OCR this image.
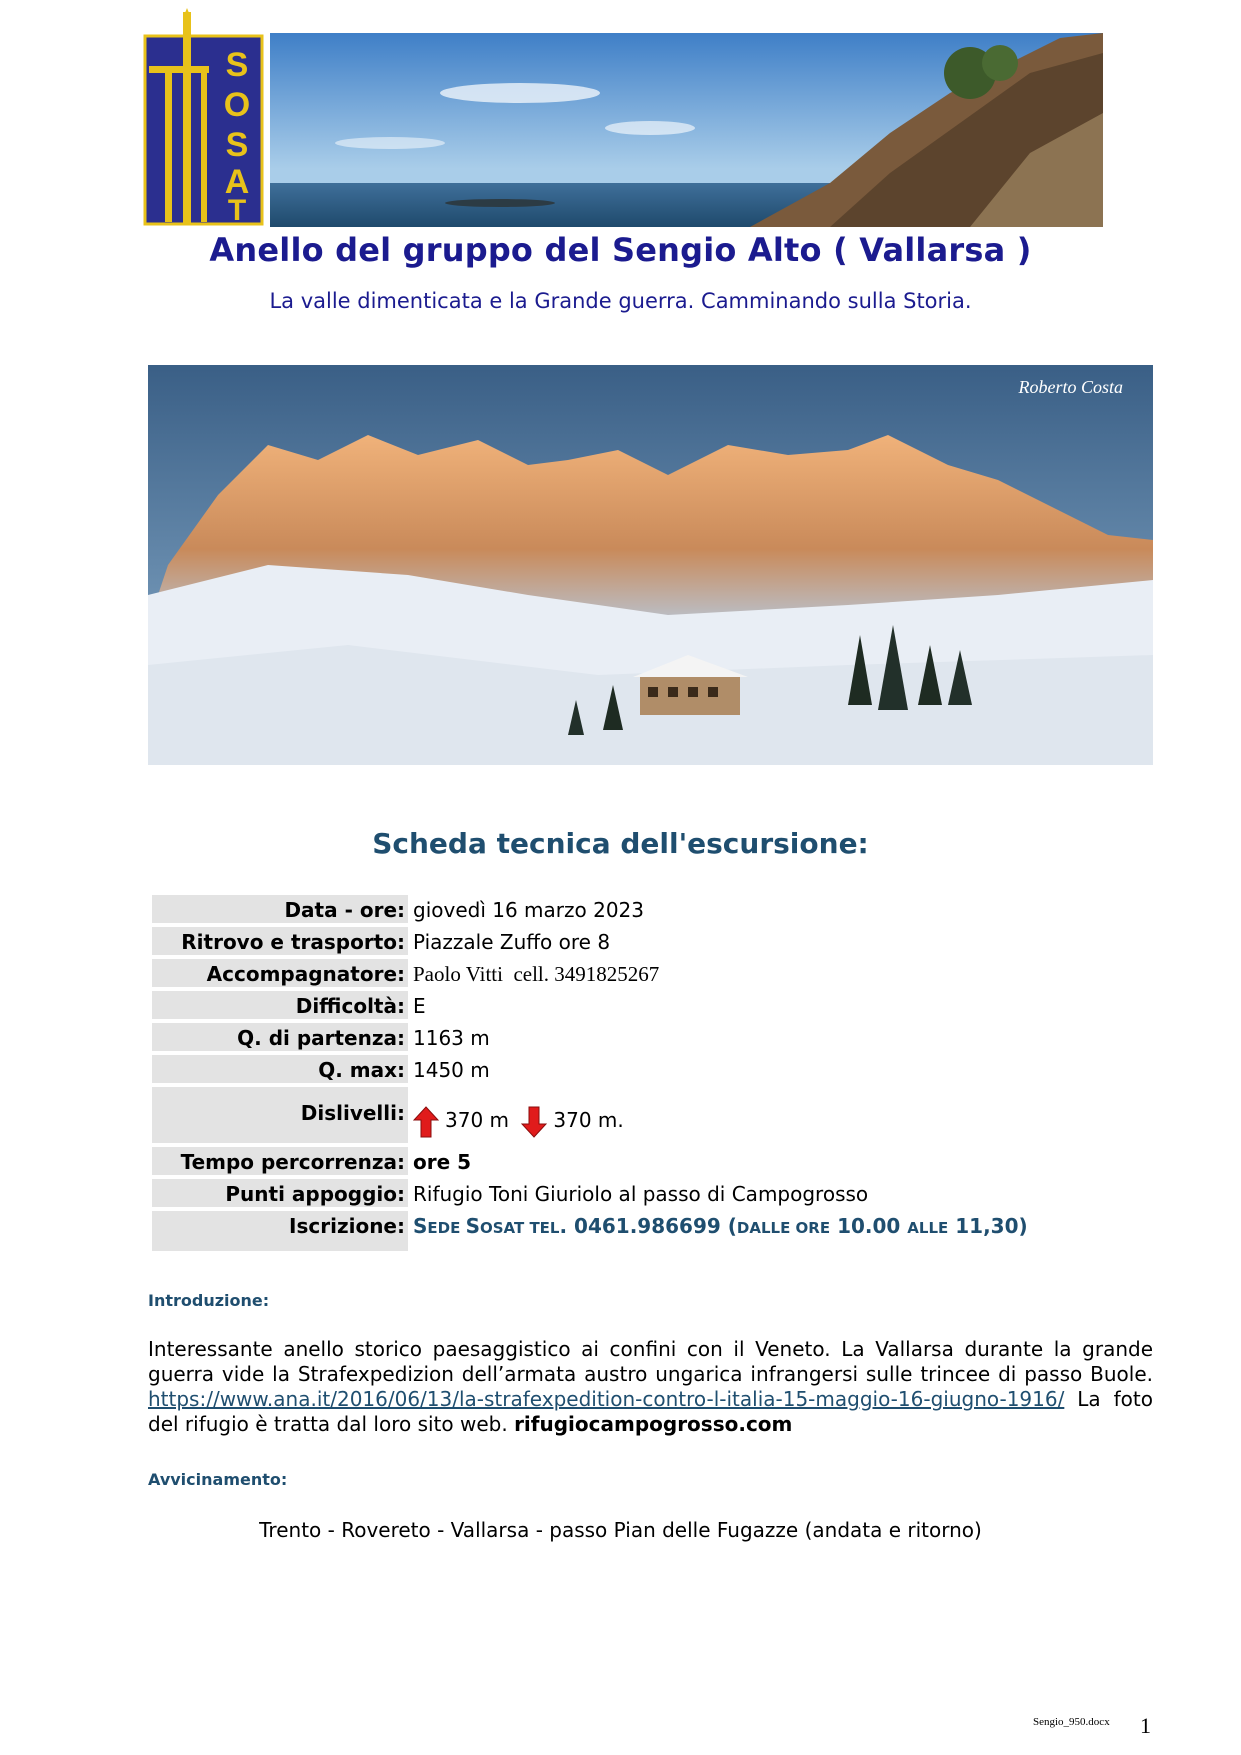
S
O
S
A
T
Anello del gruppo del Sengio Alto ( Vallarsa )
La valle dimenticata e la Grande guerra. Camminando sulla Storia.
Roberto Costa
Scheda tecnica dell'escursione:
Data - ore: giovedì 16 marzo 2023
Ritrovo e trasporto: Piazzale Zuffo ore 8
Accompagnatore: Paolo Vitti  cell. 3491825267
Difficoltà: E
Q. di partenza: 1163 m
Q. max: 1450 m
Dislivelli:	370 m 370 m.
Tempo percorrenza: ore 5
Punti appoggio: Rifugio Toni Giuriolo al passo di Campogrosso
Iscrizione: SEDE SOSAT TEL. 0461.986699 (DALLE ORE 10.00 ALLE 11,30)
Introduzione:
Interessante anello storico paesaggistico ai confini con il Veneto. La Vallarsa durante la grande guerra vide la Strafexpedizion dell’armata austro ungarica infrangersi sulle trincee di passo Buole. https://www.ana.it/2016/06/13/la-strafexpedition-contro-l-italia-15-maggio-16-giugno-1916/ La foto del rifugio è tratta dal loro sito web. rifugiocampogrosso.com
Avvicinamento:
Trento - Rovereto - Vallarsa - passo Pian delle Fugazze (andata e ritorno)
Sengio_950.docx 1
